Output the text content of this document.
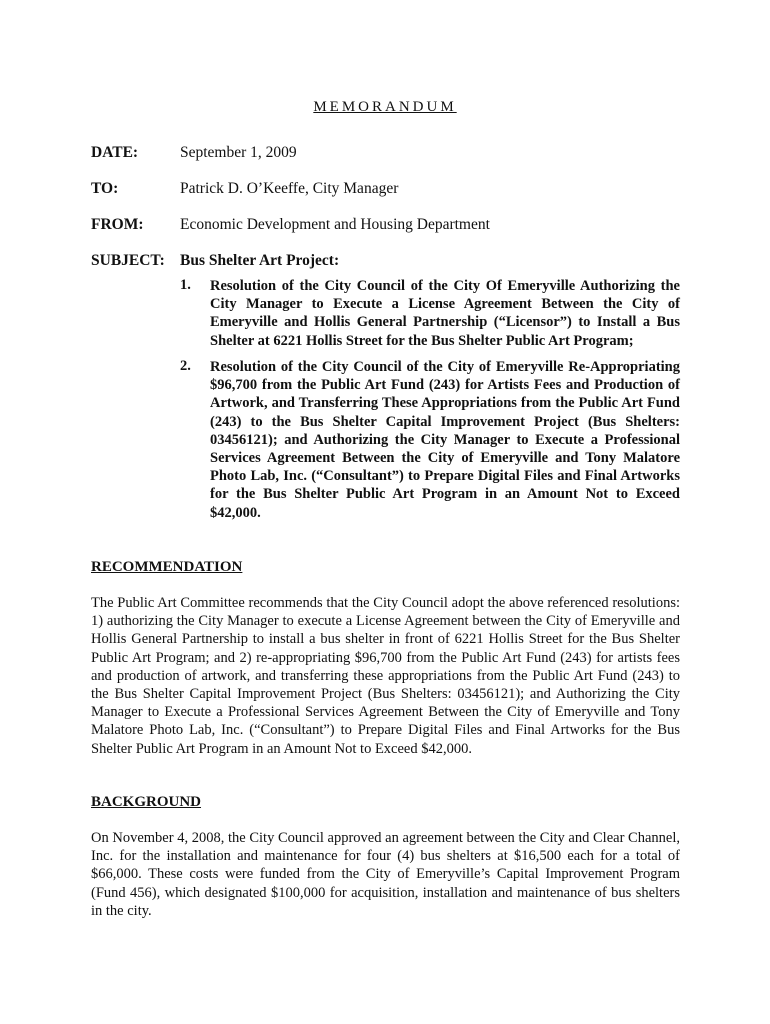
MEMORANDUM
DATE:	September 1, 2009
TO:	Patrick D. O’Keeffe, City Manager
FROM: Economic Development and Housing Department
SUBJECT: Bus Shelter Art Project:
1. Resolution of the City Council of the City Of Emeryville Authorizing the City Manager to Execute a License Agreement Between the City of Emeryville and Hollis General Partnership (“Licensor”) to Install a Bus Shelter at 6221 Hollis Street for the Bus Shelter Public Art Program;
2. Resolution of the City Council of the City of Emeryville Re-Appropriating $96,700 from the Public Art Fund (243) for Artists Fees and Production of Artwork, and Transferring These Appropriations from the Public Art Fund (243) to the Bus Shelter Capital Improvement Project (Bus Shelters: 03456121); and Authorizing the City Manager to Execute a Professional Services Agreement Between the City of Emeryville and Tony Malatore Photo Lab, Inc. (“Consultant”) to Prepare Digital Files and Final Artworks for the Bus Shelter Public Art Program in an Amount Not to Exceed $42,000.
RECOMMENDATION
The Public Art Committee recommends that the City Council adopt the above referenced resolutions: 1) authorizing the City Manager to execute a License Agreement between the City of Emeryville and Hollis General Partnership to install a bus shelter in front of 6221 Hollis Street for the Bus Shelter Public Art Program; and 2) re-appropriating $96,700 from the Public Art Fund (243) for artists fees and production of artwork, and transferring these appropriations from the Public Art Fund (243) to the Bus Shelter Capital Improvement Project (Bus Shelters: 03456121); and Authorizing the City Manager to Execute a Professional Services Agreement Between the City of Emeryville and Tony Malatore Photo Lab, Inc. (“Consultant”) to Prepare Digital Files and Final Artworks for the Bus Shelter Public Art Program in an Amount Not to Exceed $42,000.
BACKGROUND
On November 4, 2008, the City Council approved an agreement between the City and Clear Channel, Inc. for the installation and maintenance for four (4) bus shelters at $16,500 each for a total of $66,000. These costs were funded from the City of Emeryville’s Capital Improvement Program (Fund 456), which designated $100,000 for acquisition, installation and maintenance of bus shelters in the city.
